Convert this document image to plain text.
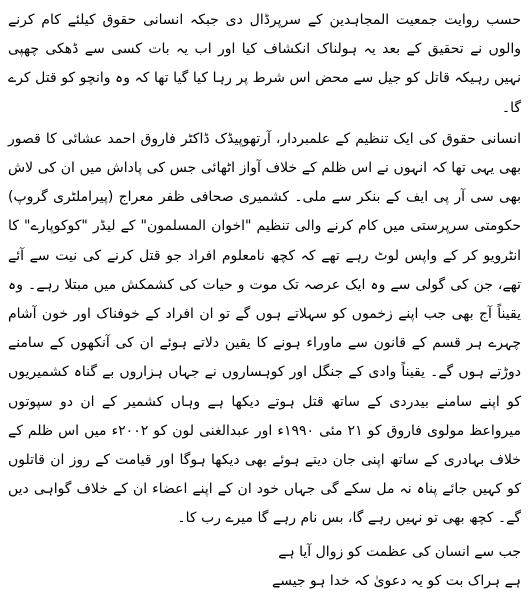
حسب روایت جمعیت المجاہدین کے سرپرڈال دی جبکہ انسانی حقوق کیلئے کام کرنے والوں نے تحقیق کے بعد یہ ہولناک انکشاف کیا اور اب یہ بات کسی سے ڈھکی چھپی نہیں رہیکہ قاتل کو جیل سے محض اس شرط پر رہا کیا گیا تھا کہ وہ وانچو کو قتل کرے گا۔

انسانی حقوق کی ایک تنظیم کے علمبردار، آرتھوپیڈک ڈاکٹر فاروق احمد عشائی کا قصور بھی یہی تھا کہ انہوں نے اس ظلم کے خلاف آواز اٹھائی جس کی پاداش میں ان کی لاش بھی سی آر پی ایف کے بنکر سے ملی۔ کشمیری صحافی ظفر معراج (پیراملٹری گروپ) حکومتی سرپرستی میں کام کرنے والی تنظیم "اخوان المسلمون" کے لیڈر "کوکوپارے" کا انٹرویو کر کے واپس لوٹ رہے تھے کہ کچھ نامعلوم افراد جو قتل کرنے کی نیت سے آئے تھے، جن کی گولی سے وہ ایک عرصہ تک موت و حیات کی کشمکش میں مبتلا رہے۔ وہ یقیناً آج بھی جب اپنے زخموں کو سہلاتے ہوں گے تو ان افراد کے خوفناک اور خون آشام چہرے ہر قسم کے قانون سے ماوراء ہونے کا یقین دلاتے ہوئے ان کی آنکھوں کے سامنے دوڑتے ہوں گے۔ یقیناً وادی کے جنگل اور کوہساروں نے جہاں ہزاروں بے گناہ کشمیریوں کو اپنے سامنے بیدردی کے ساتھ قتل ہوتے دیکھا ہے وہاں کشمیر کے ان دو سپوتوں میرواعظ مولوی فاروق کو ۲۱ مئی ۱۹۹۰ء اور عبدالغنی لون کو ۲۰۰۲ء میں اس ظلم کے خلاف بہادری کے ساتھ اپنی جان دیتے ہوئے بھی دیکھا ہوگا اور قیامت کے روز ان قاتلوں کو کہیں جائے پناہ نہ مل سکے گی جہاں خود ان کے اپنے اعضاء ان کے خلاف گواہی دیں گے۔ کچھ بھی تو نہیں رہے گا، بس نام رہے گا میرے رب کا۔

جب سے انسان کی عظمت کو زوال آیا ہے

ہے ہراک بت کو یہ دعویٰ کہ خدا ہو جیسے
